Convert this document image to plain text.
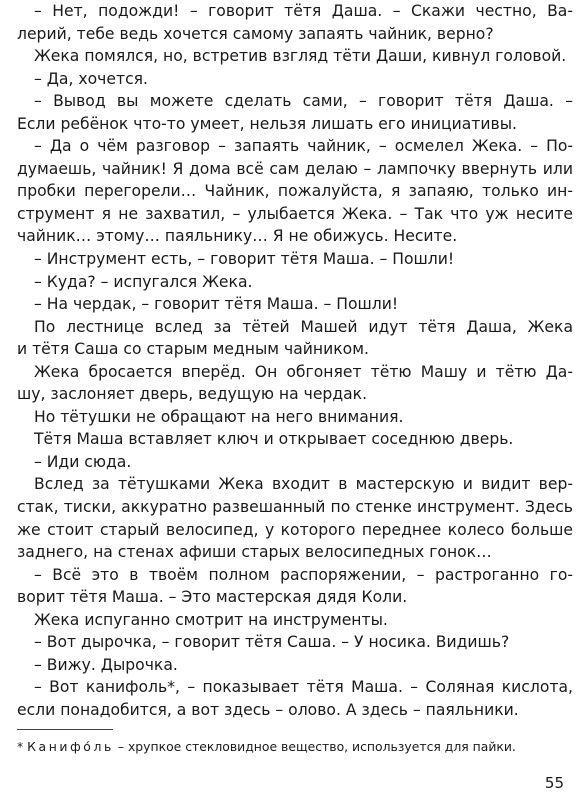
– Нет, подожди! – говорит тётя Даша. – Скажи честно, Ва-
лерий, тебе ведь хочется самому запаять чайник, верно?
Жека помялся, но, встретив взгляд тёти Даши, кивнул головой.
– Да, хочется.
– Вывод вы можете сделать сами, – говорит тётя Даша. –
Если ребёнок что-то умеет, нельзя лишать его инициативы.
– Да о чём разговор – запаять чайник, – осмелел Жека. – По-
думаешь, чайник! Я дома всё сам делаю – лампочку ввернуть или
пробки перегорели… Чайник, пожалуйста, я запаяю, только ин-
струмент я не захватил, – улыбается Жека. – Так что уж несите
чайник… этому… паяльнику… Я не обижусь. Несите.
– Инструмент есть, – говорит тётя Маша. – Пошли!
– Куда? – испугался Жека.
– На чердак, – говорит тётя Маша. – Пошли!
По лестнице вслед за тётей Машей идут тётя Даша, Жека
и тётя Саша со старым медным чайником.
Жека бросается вперёд. Он обгоняет тётю Машу и тётю Да-
шу, заслоняет дверь, ведущую на чердак.
Но тётушки не обращают на него внимания.
Тётя Маша вставляет ключ и открывает соседнюю дверь.
– Иди сюда.
Вслед за тётушками Жека входит в мастерскую и видит вер-
стак, тиски, аккуратно развешанный по стенке инструмент. Здесь
же стоит старый велосипед, у которого переднее колесо больше
заднего, на стенах афиши старых велосипедных гонок…
– Всё это в твоём полном распоряжении, – растроганно го-
ворит тётя Маша. – Это мастерская дядя Коли.
Жека испуганно смотрит на инструменты.
– Вот дырочка, – говорит тётя Саша. – У носика. Видишь?
– Вижу. Дырочка.
– Вот канифоль*, – показывает тётя Маша. – Соляная кислота,
если понадобится, а вот здесь – олово. А здесь – паяльники.
* Канифо́ль – хрупкое стекловидное вещество, используется для пайки.
55
